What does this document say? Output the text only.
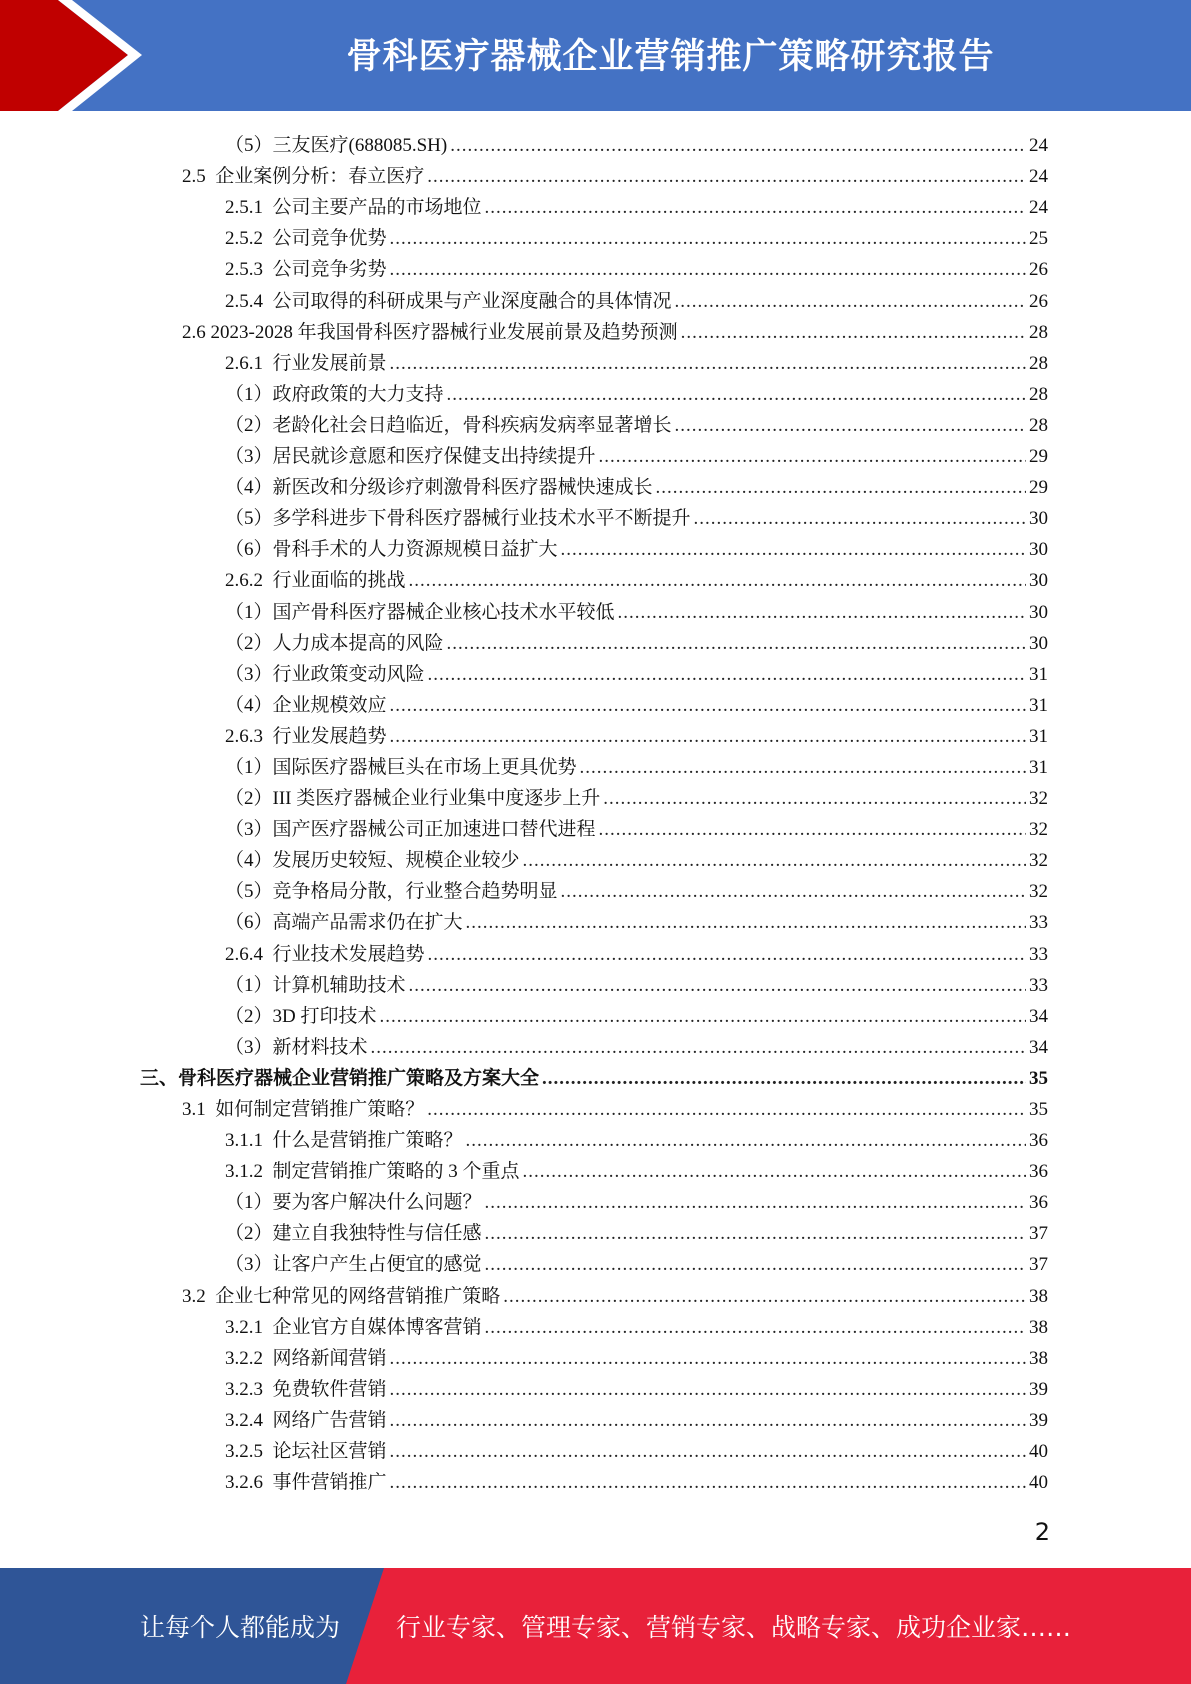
骨科医疗器械企业营销推广策略研究报告
（5）三友医疗(688085.SH) .....	24
2.5  企业案例分析：春立医疗 .....	24
2.5.1  公司主要产品的市场地位 .....	24
2.5.2  公司竞争优势 .....	25
2.5.3  公司竞争劣势 .....	26
2.5.4  公司取得的科研成果与产业深度融合的具体情况 .....	26
2.6 2023-2028 年我国骨科医疗器械行业发展前景及趋势预测 .....	28
2.6.1  行业发展前景 .....	28
（1）政府政策的大力支持 .....	28
（2）老龄化社会日趋临近，骨科疾病发病率显著增长 .....	28
（3）居民就诊意愿和医疗保健支出持续提升 .....	29
（4）新医改和分级诊疗刺激骨科医疗器械快速成长 .....	29
（5）多学科进步下骨科医疗器械行业技术水平不断提升 .....	30
（6）骨科手术的人力资源规模日益扩大 .....	30
2.6.2  行业面临的挑战 .....	30
（1）国产骨科医疗器械企业核心技术水平较低 .....	30
（2）人力成本提高的风险 .....	30
（3）行业政策变动风险 .....	31
（4）企业规模效应 .....	31
2.6.3  行业发展趋势 .....	31
（1）国际医疗器械巨头在市场上更具优势 .....	31
（2）III 类医疗器械企业行业集中度逐步上升 .....	32
（3）国产医疗器械公司正加速进口替代进程 .....	32
（4）发展历史较短、规模企业较少 .....	32
（5）竞争格局分散，行业整合趋势明显 .....	32
（6）高端产品需求仍在扩大 .....	33
2.6.4  行业技术发展趋势 .....	33
（1）计算机辅助技术 .....	33
（2）3D 打印技术 .....	34
（3）新材料技术 .....	34
三、骨科医疗器械企业营销推广策略及方案大全 .....	35
3.1  如何制定营销推广策略？ .....	35
3.1.1  什么是营销推广策略？ .....	36
3.1.2  制定营销推广策略的 3 个重点 .....	36
（1）要为客户解决什么问题？ .....	36
（2）建立自我独特性与信任感 .....	37
（3）让客户产生占便宜的感觉 .....	37
3.2  企业七种常见的网络营销推广策略 .....	38
3.2.1  企业官方自媒体博客营销 .....	38
3.2.2  网络新闻营销 .....	38
3.2.3  免费软件营销 .....	39
3.2.4  网络广告营销 .....	39
3.2.5  论坛社区营销 .....	40
3.2.6  事件营销推广 .....	40
2
让每个人都能成为 行业专家、管理专家、营销专家、战略专家、成功企业家……
